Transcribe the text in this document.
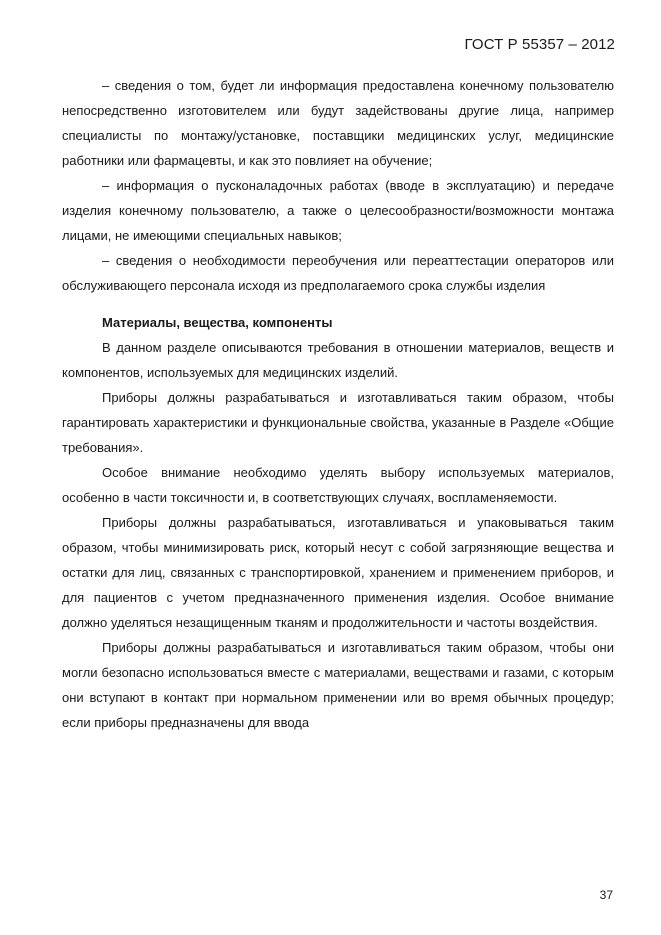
ГОСТ Р 55357 – 2012

– сведения о том, будет ли информация предоставлена конечному пользователю непосредственно изготовителем или будут задействованы другие лица, например специалисты по монтажу/установке, поставщики медицинских услуг, медицинские работники или фармацевты, и как это повлияет на обучение;

– информация о пусконаладочных работах (вводе в эксплуатацию) и передаче изделия конечному пользователю, а также о целесообразности/возможности монтажа лицами, не имеющими специальных навыков;

– сведения о необходимости переобучения или переаттестации операторов или обслуживающего персонала исходя из предполагаемого срока службы изделия

Материалы, вещества, компоненты

В данном разделе описываются требования в отношении материалов, веществ и компонентов, используемых для медицинских изделий.

Приборы должны разрабатываться и изготавливаться таким образом, чтобы гарантировать характеристики и функциональные свойства, указанные в Разделе «Общие требования».

Особое внимание необходимо уделять выбору используемых материалов, особенно в части токсичности и, в соответствующих случаях, воспламеняемости.

Приборы должны разрабатываться, изготавливаться и упаковываться таким образом, чтобы минимизировать риск, который несут с собой загрязняющие вещества и остатки для лиц, связанных с транспортировкой, хранением и применением приборов, и для пациентов с учетом предназначенного применения изделия. Особое внимание должно уделяться незащищенным тканям и продолжительности и частоты воздействия.

Приборы должны разрабатываться и изготавливаться таким образом, чтобы они могли безопасно использоваться вместе с материалами, веществами и газами, с которым они вступают в контакт при нормальном применении или во время обычных процедур; если приборы предназначены для ввода

37
